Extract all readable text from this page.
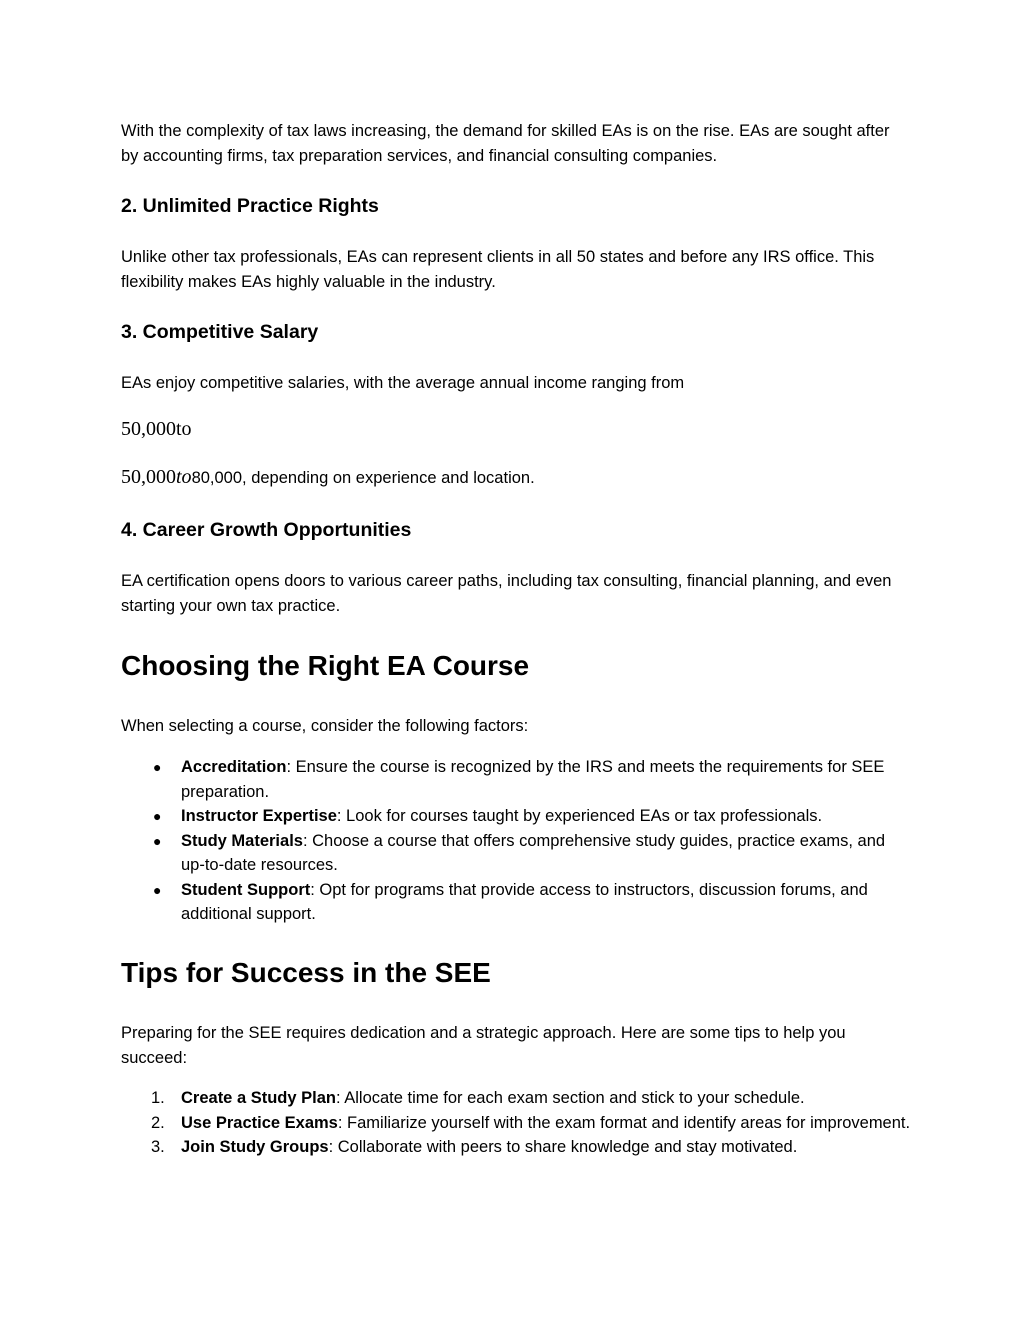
With the complexity of tax laws increasing, the demand for skilled EAs is on the rise. EAs are sought after by accounting firms, tax preparation services, and financial consulting companies.

2. Unlimited Practice Rights

Unlike other tax professionals, EAs can represent clients in all 50 states and before any IRS office. This flexibility makes EAs highly valuable in the industry.

3. Competitive Salary

EAs enjoy competitive salaries, with the average annual income ranging from

50,000to

50,000to80,000, depending on experience and location.

4. Career Growth Opportunities

EA certification opens doors to various career paths, including tax consulting, financial planning, and even starting your own tax practice.

Choosing the Right EA Course

When selecting a course, consider the following factors:

●	Accreditation: Ensure the course is recognized by the IRS and meets the requirements for SEE preparation.
●	Instructor Expertise: Look for courses taught by experienced EAs or tax professionals.
●	Study Materials: Choose a course that offers comprehensive study guides, practice exams, and up-to-date resources.
●	Student Support: Opt for programs that provide access to instructors, discussion forums, and additional support.
Tips for Success in the SEE

Preparing for the SEE requires dedication and a strategic approach. Here are some tips to help you succeed:

1. Create a Study Plan: Allocate time for each exam section and stick to your schedule.
2. Use Practice Exams: Familiarize yourself with the exam format and identify areas for improvement.
3. Join Study Groups: Collaborate with peers to share knowledge and stay motivated.
